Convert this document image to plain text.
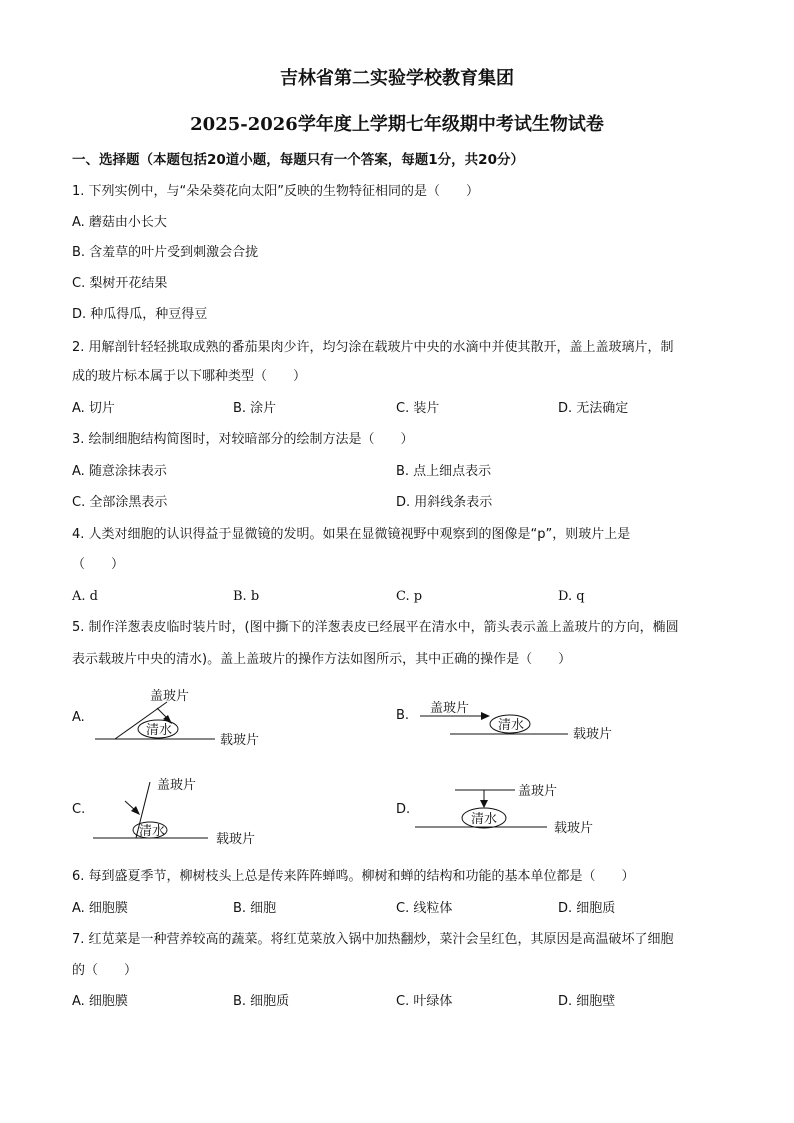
吉林省第二实验学校教育集团
2025-2026学年度上学期七年级期中考试生物试卷
一、选择题（本题包括20道小题，每题只有一个答案，每题1分，共20分）
1. 下列实例中，与“朵朵葵花向太阳”反映的生物特征相同的是（　　）
A. 蘑菇由小长大
B. 含羞草的叶片受到刺激会合拢
C. 梨树开花结果
D. 种瓜得瓜，种豆得豆
2. 用解剖针轻轻挑取成熟的番茄果肉少许，均匀涂在载玻片中央的水滴中并使其散开，盖上盖玻璃片，制
成的玻片标本属于以下哪种类型（　　）
A. 切片	B. 涂片	C. 装片	D. 无法确定
3. 绘制细胞结构简图时，对较暗部分的绘制方法是（　　）
A. 随意涂抹表示	B. 点上细点表示
C. 全部涂黑表示	D. 用斜线条表示
4. 人类对细胞的认识得益于显微镜的发明。如果在显微镜视野中观察到的图像是“p”，则玻片上是
（　　）
A. d	B. b	C. p	D. q
5. 制作洋葱表皮临时装片时，(图中撕下的洋葱表皮已经展平在清水中，箭头表示盖上盖玻片的方向，椭圆
表示载玻片中央的清水)。盖上盖玻片的操作方法如图所示，其中正确的操作是（　　）
A.
清水
盖玻片
载玻片
B.
清水
盖玻片
载玻片
C.
清水
盖玻片
载玻片
D.
清水
盖玻片
载玻片
6. 每到盛夏季节，柳树枝头上总是传来阵阵蝉鸣。柳树和蝉的结构和功能的基本单位都是（　　）
A. 细胞膜	B. 细胞	C. 线粒体	D. 细胞质
7. 红苋菜是一种营养较高的蔬菜。将红苋菜放入锅中加热翻炒，菜汁会呈红色，其原因是高温破坏了细胞
的（　　）
A. 细胞膜	B. 细胞质	C. 叶绿体	D. 细胞壁
